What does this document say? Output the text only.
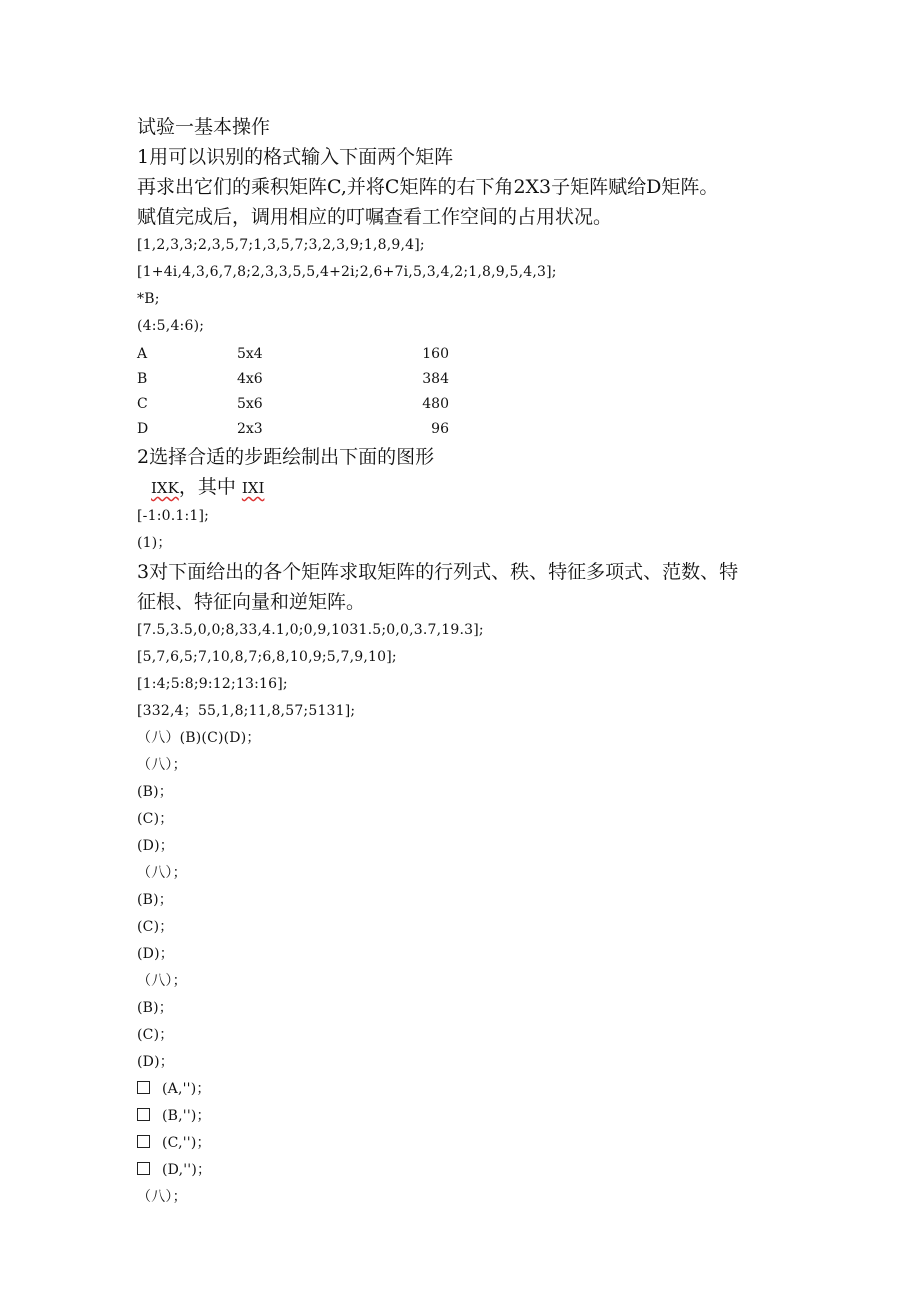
试验一基本操作

1用可以识别的格式输入下面两个矩阵

再求出它们的乘积矩阵C,并将C矩阵的右下角2X3子矩阵赋给D矩阵。

赋值完成后，调用相应的叮嘱查看工作空间的占用状况。

[1,2,3,3;2,3,5,7;1,3,5,7;3,2,3,9;1,8,9,4];

[1+4i,4,3,6,7,8;2,3,3,5,5,4+2i;2,6+7i,5,3,4,2;1,8,9,5,4,3];

*B;

(4:5,4:6);

A	5x4	160
B	4x6	384
C	5x6	480
D	2x3	96

2选择合适的步距绘制出下面的图形

IXK，其中 IXI

[-1:0.1:1];

(1)；

3对下面给出的各个矩阵求取矩阵的行列式、秩、特征多项式、范数、特

征根、特征向量和逆矩阵。

[7.5,3.5,0,0;8,33,4.1,0;0,9,1031.5;0,0,3.7,19.3];

[5,7,6,5;7,10,8,7;6,8,10,9;5,7,9,10];

[1:4;5:8;9:12;13:16];

[332,4；55,1,8;11,8,57;5131];

（八）(B)(C)(D)；

（八）；

(B)；

(C)；

(D)；

（八）；

(B)；

(C)；

(D)；

（八）；

(B)；

(C)；

(D)；

(A,'')；

(B,'')；

(C,'')；

(D,'')；

（八）；
